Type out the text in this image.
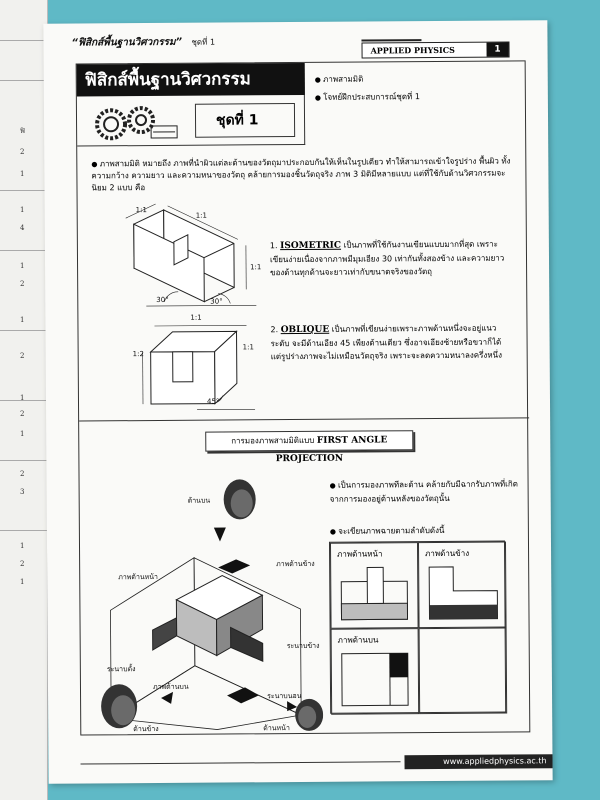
ฟิ
2
1
1
4
1
2
1
2
1
2
1
2
3
1
2
1
“ฟิสิกส์พื้นฐานวิศวกรรม” ชุดที่ 1
APPLIED PHYSICS	1
ฟิสิกส์พื้นฐานวิศวกรรม
ชุดที่ 1
● ภาพสามมิติ
● โจทย์ฝึกประสบการณ์ชุดที่ 1
● ภาพสามมิติ หมายถึง ภาพที่นำผิวแต่ละด้านของวัตถุมาประกอบกันให้เห็นในรูปเดียว ทำให้สามารถเข้าใจรูปร่าง พื้นผิว ทั้งความกว้าง ความยาว และความหนาของวัตถุ คล้ายการมองชิ้นวัตถุจริง ภาพ 3 มิติมีหลายแบบ แต่ที่ใช้กับด้านวิศวกรรมจะนิยม 2 แบบ คือ
1:1
1:1
1:1
30°	30°
1. ISOMETRIC เป็นภาพที่ใช้กันงานเขียนแบบมากที่สุด เพราะเขียนง่ายเนื่องจากภาพมีมุมเอียง 30 เท่ากันทั้งสองข้าง และความยาวของด้านทุกด้านจะยาวเท่ากับขนาดจริงของวัตถุ
1:1
1:2
1:1
45°
2. OBLIQUE เป็นภาพที่เขียนง่ายเพราะภาพด้านหนึ่งจะอยู่แนวระดับ จะมีด้านเอียง 45 เพียงด้านเดียว ซึ่งอาจเอียงซ้ายหรือขวาก็ได้ แต่รูปร่างภาพจะไม่เหมือนวัตถุจริง เพราะจะลดความหนาลงครึ่งหนึ่ง
การมองภาพสามมิติแบบ FIRST ANGLE PROJECTION
ด้านบน
ภาพด้านหน้า
ภาพด้านข้าง
ภาพด้านบน
ระนาบข้าง
ระนาบตั้ง
ระนาบนอน
ด้านข้าง	ด้านหน้า
● เป็นการมองภาพทีละด้าน คล้ายกับมีฉากรับภาพที่เกิดจากการมองอยู่ด้านหลังของวัตถุนั้น
● จะเขียนภาพฉายตามลำดับดังนี้
ภาพด้านหน้า	ภาพด้านข้าง
ภาพด้านบน
www.appliedphysics.ac.th
